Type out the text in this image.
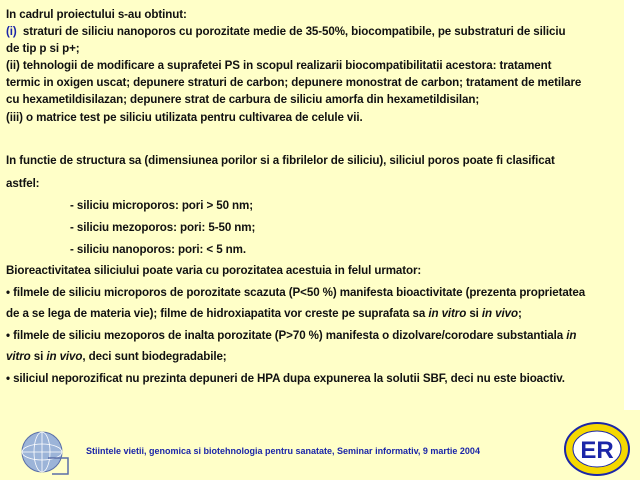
In cadrul proiectului s-au obtinut:
(i) straturi de siliciu nanoporos cu porozitate medie de 35-50%, biocompatibile, pe substraturi de siliciu
de tip p si p+;
(ii) tehnologii de modificare a suprafetei PS in scopul realizarii biocompatibilitatii acestora: tratament
termic in oxigen uscat; depunere straturi de carbon; depunere monostrat de carbon; tratament de metilare
cu hexametildisilazan; depunere strat de carbura de siliciu amorfa din hexametildisilan;
(iii) o matrice test pe siliciu utilizata pentru cultivarea de celule vii.
In functie de structura sa (dimensiunea porilor si a fibrilelor de siliciu), siliciul poros poate fi clasificat
astfel:
- siliciu microporos: pori > 50 nm;
- siliciu mezoporos: pori: 5-50 nm;
- siliciu nanoporos: pori: < 5 nm.
Bioreactivitatea siliciului poate varia cu porozitatea acestuia in felul urmator:
• filmele de siliciu microporos de porozitate scazuta (P<50 %) manifesta bioactivitate (prezenta proprietatea
de a se lega de materia vie); filme de hidroxiapatita vor creste pe suprafata sa in vitro si in vivo;
• filmele de siliciu mezoporos de inalta porozitate (P>70 %) manifesta o dizolvare/corodare substantiala in
vitro si in vivo, deci sunt biodegradabile;
• siliciul neporozificat nu prezinta depuneri de HPA dupa expunerea la solutii SBF, deci nu este bioactiv.
Stiintele vietii, genomica si biotehnologia pentru sanatate, Seminar informativ, 9 martie 2004	ER
